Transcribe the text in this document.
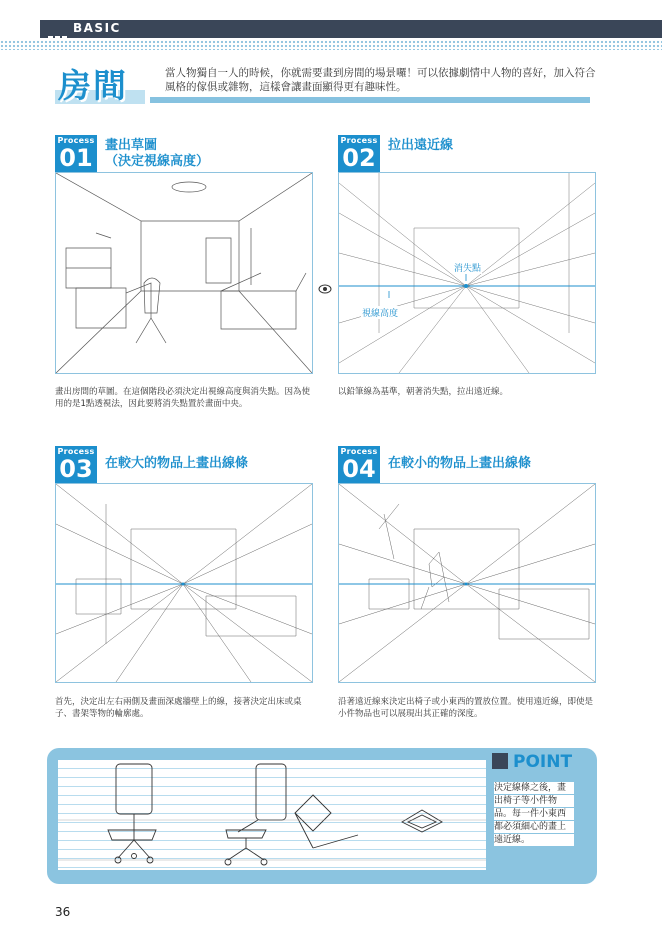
BASIC
房間	當人物獨自一人的時候，你就需要畫到房間的場景囉！可以依據劇情中人物的喜好，加入符合風格的傢俱或雜物，這樣會讓畫面顯得更有趣味性。
Process
01 畫出草圖
（決定視線高度）
畫出房間的草圖。在這個階段必須決定出視線高度與消失點。因為使用的是1點透視法，因此要將消失點置於畫面中央。
Process
02 拉出遠近線
消失點
視線高度
以鉛筆線為基準，朝著消失點，拉出遠近線。
Process
03 在較大的物品上畫出線條
首先，決定出左右兩側及畫面深處牆壁上的線，接著決定出床或桌子、書架等物的輪廓處。
Process
04 在較小的物品上畫出線條
沿著遠近線來決定出椅子或小東西的置放位置。使用遠近線，即使是小件物品也可以展現出其正確的深度。
POINT
決定線條之後，畫出椅子等小件物品。每一件小東西都必須細心的畫上遠近線。
36
